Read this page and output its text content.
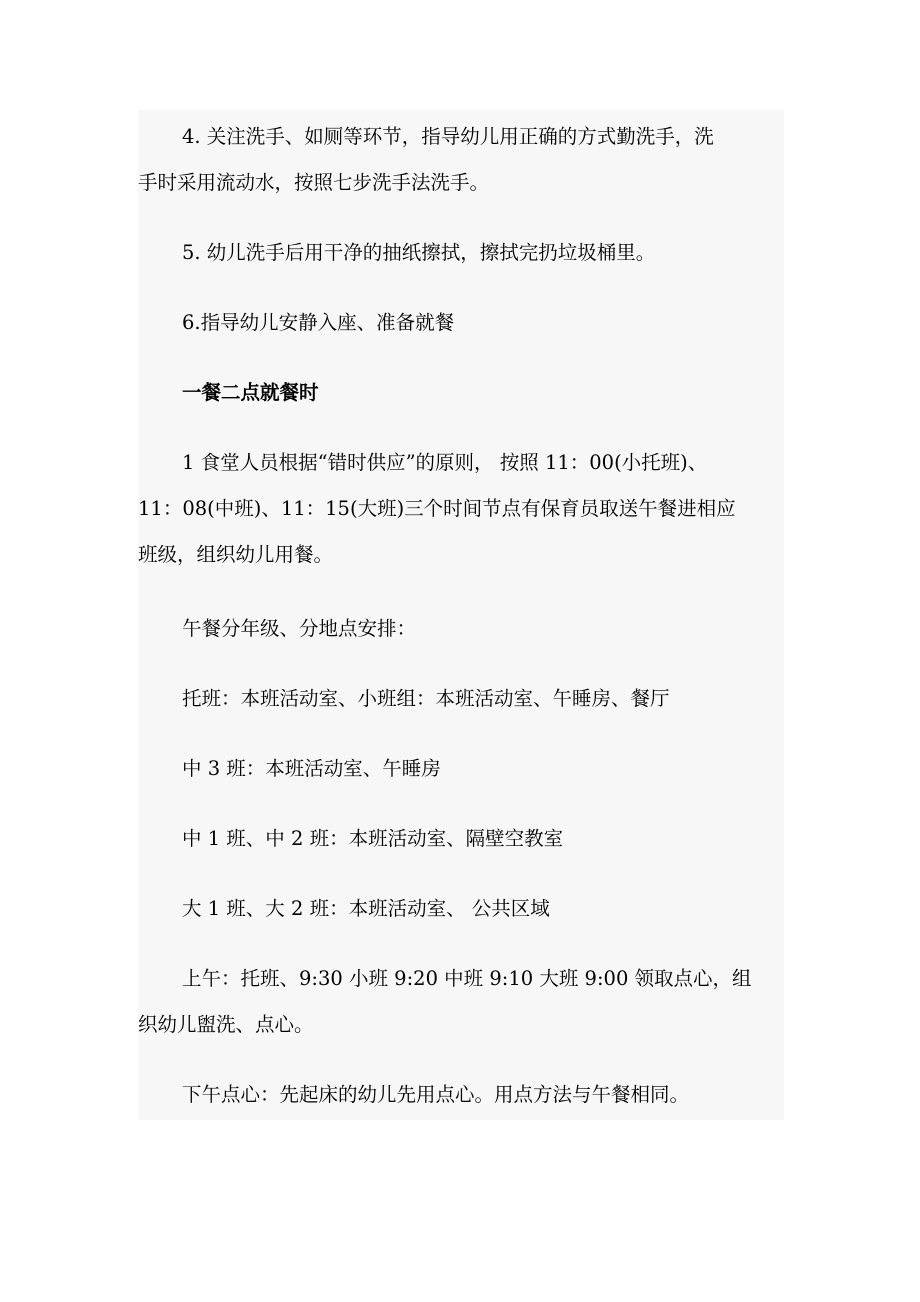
4. 关注洗手、如厕等环节，指导幼儿用正确的方式勤洗手，洗
手时采用流动水，按照七步洗手法洗手。
5. 幼儿洗手后用干净的抽纸擦拭，擦拭完扔垃圾桶里。
6.指导幼儿安静入座、准备就餐
一餐二点就餐时
1 食堂人员根据“错时供应”的原则， 按照 11：00(小托班)、
11：08(中班)、11：15(大班)三个时间节点有保育员取送午餐进相应
班级，组织幼儿用餐。
午餐分年级、分地点安排：
托班：本班活动室、小班组：本班活动室、午睡房、餐厅
中 3 班：本班活动室、午睡房
中 1 班、中 2 班：本班活动室、隔壁空教室
大 1 班、大 2 班：本班活动室、 公共区域
上午：托班、9:30 小班 9:20 中班 9:10 大班 9:00 领取点心，组
织幼儿盥洗、点心。
下午点心：先起床的幼儿先用点心。用点方法与午餐相同。
